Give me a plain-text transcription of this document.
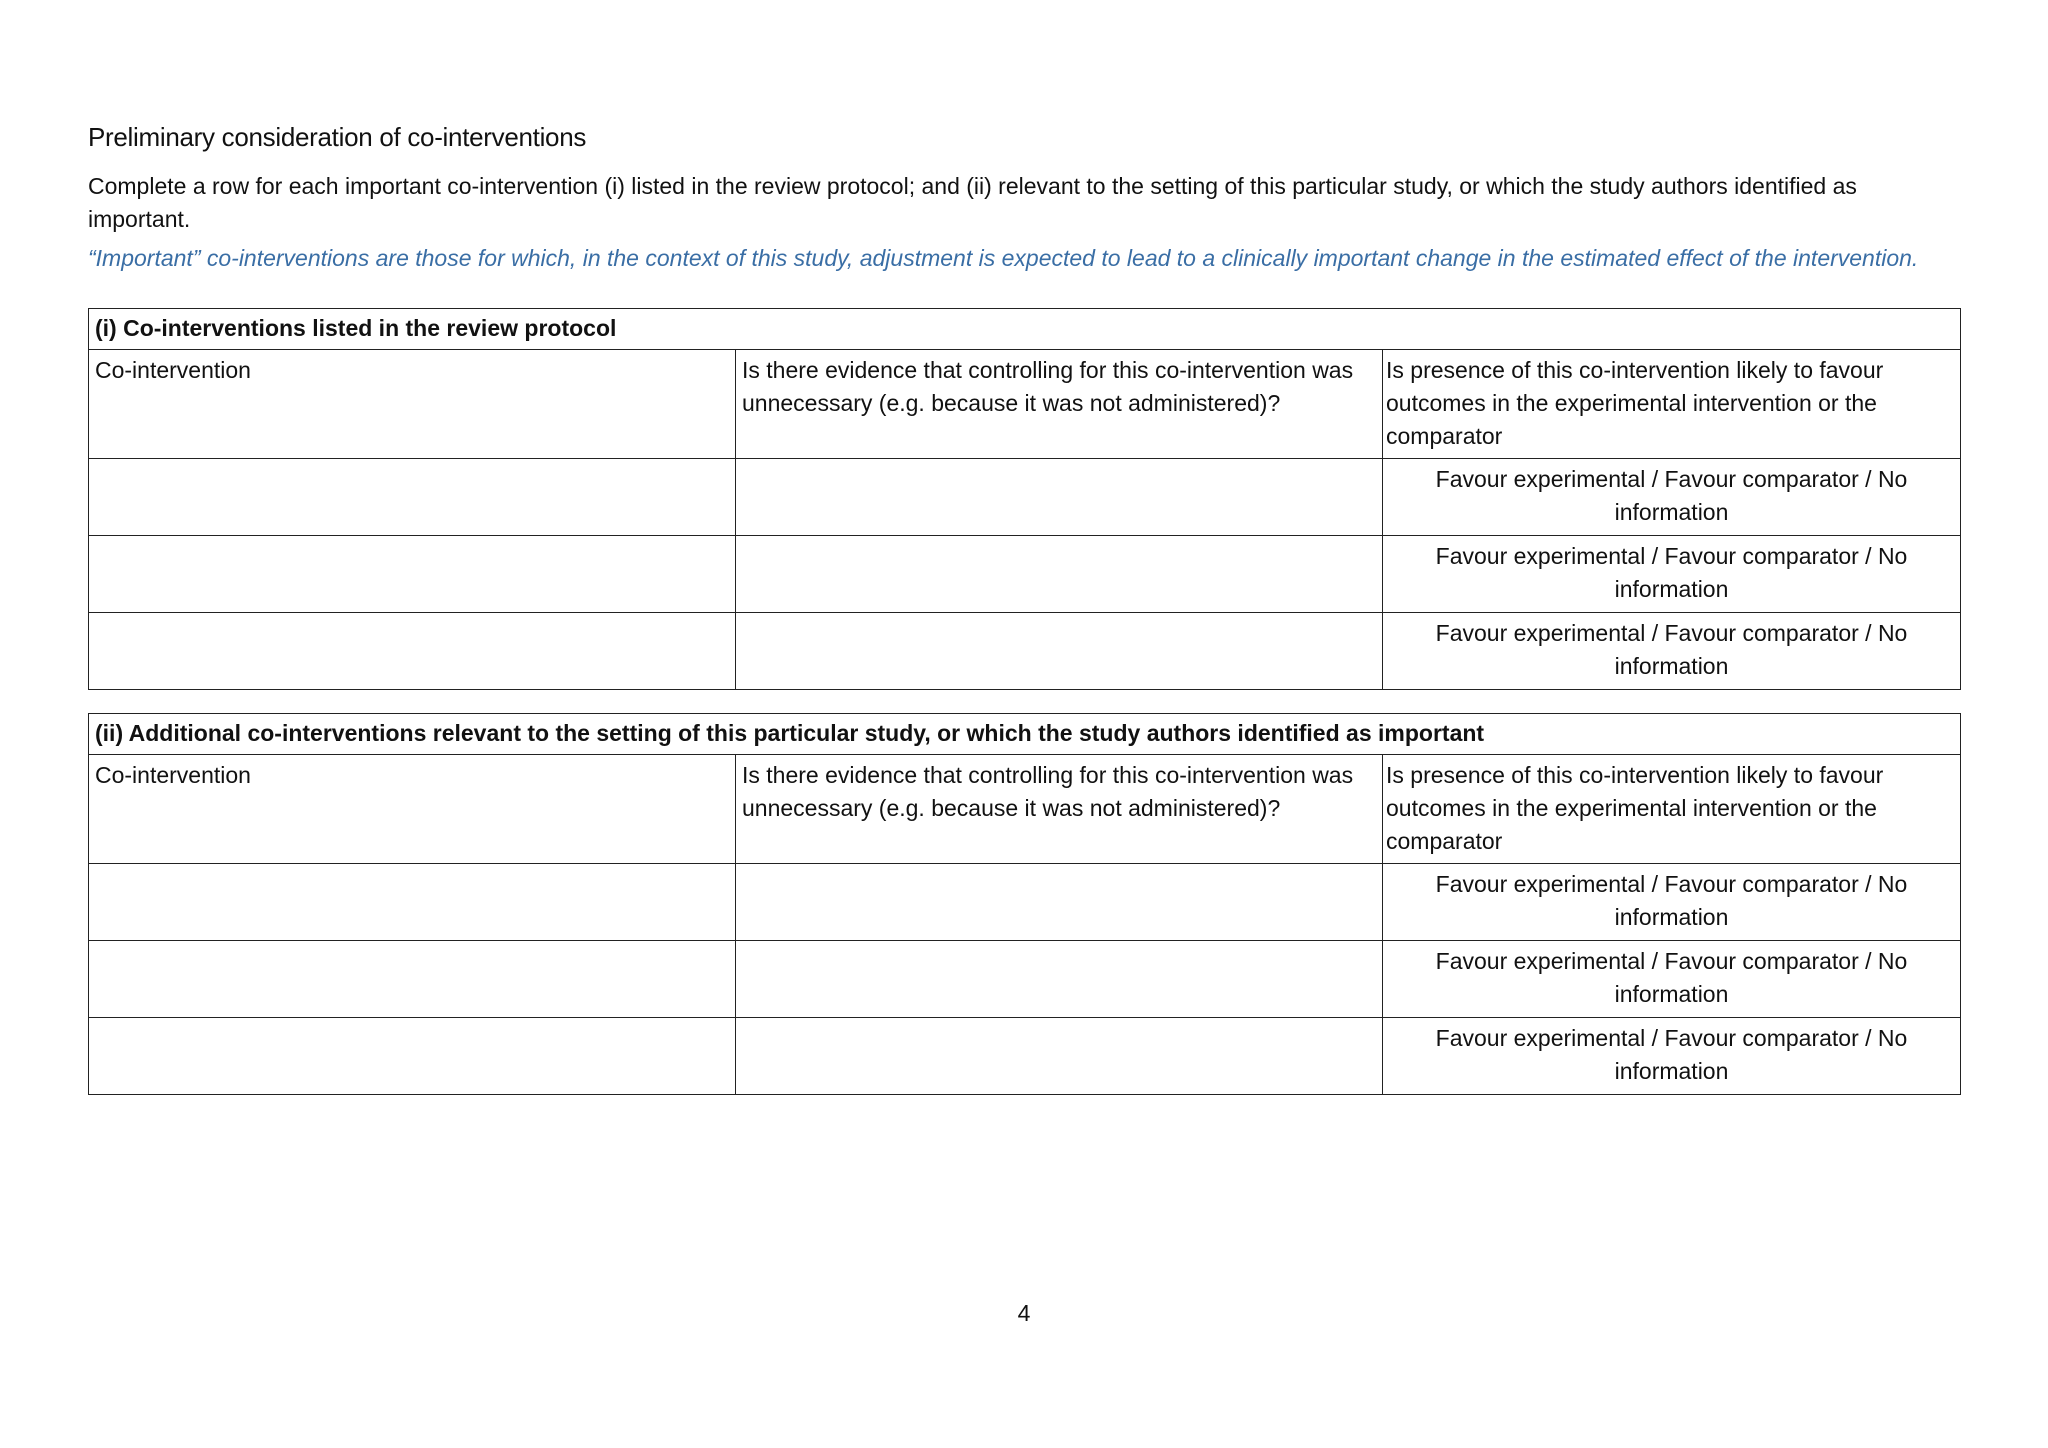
Preliminary consideration of co-interventions
Complete a row for each important co-intervention (i) listed in the review protocol; and (ii) relevant to the setting of this particular study, or which the study authors identified as important.
“Important” co-interventions are those for which, in the context of this study, adjustment is expected to lead to a clinically important change in the estimated effect of the intervention.
(i) Co-interventions listed in the review protocol		
Co-intervention	Is there evidence that controlling for this co-intervention was unnecessary (e.g. because it was not administered)?	Is presence of this co-intervention likely to favour outcomes in the experimental intervention or the comparator
		Favour experimental / Favour comparator / No information
		Favour experimental / Favour comparator / No information
		Favour experimental / Favour comparator / No information
(ii) Additional co-interventions relevant to the setting of this particular study, or which the study authors identified as important		
Co-intervention	Is there evidence that controlling for this co-intervention was unnecessary (e.g. because it was not administered)?	Is presence of this co-intervention likely to favour outcomes in the experimental intervention or the comparator
		Favour experimental / Favour comparator / No information
		Favour experimental / Favour comparator / No information
		Favour experimental / Favour comparator / No information
4
